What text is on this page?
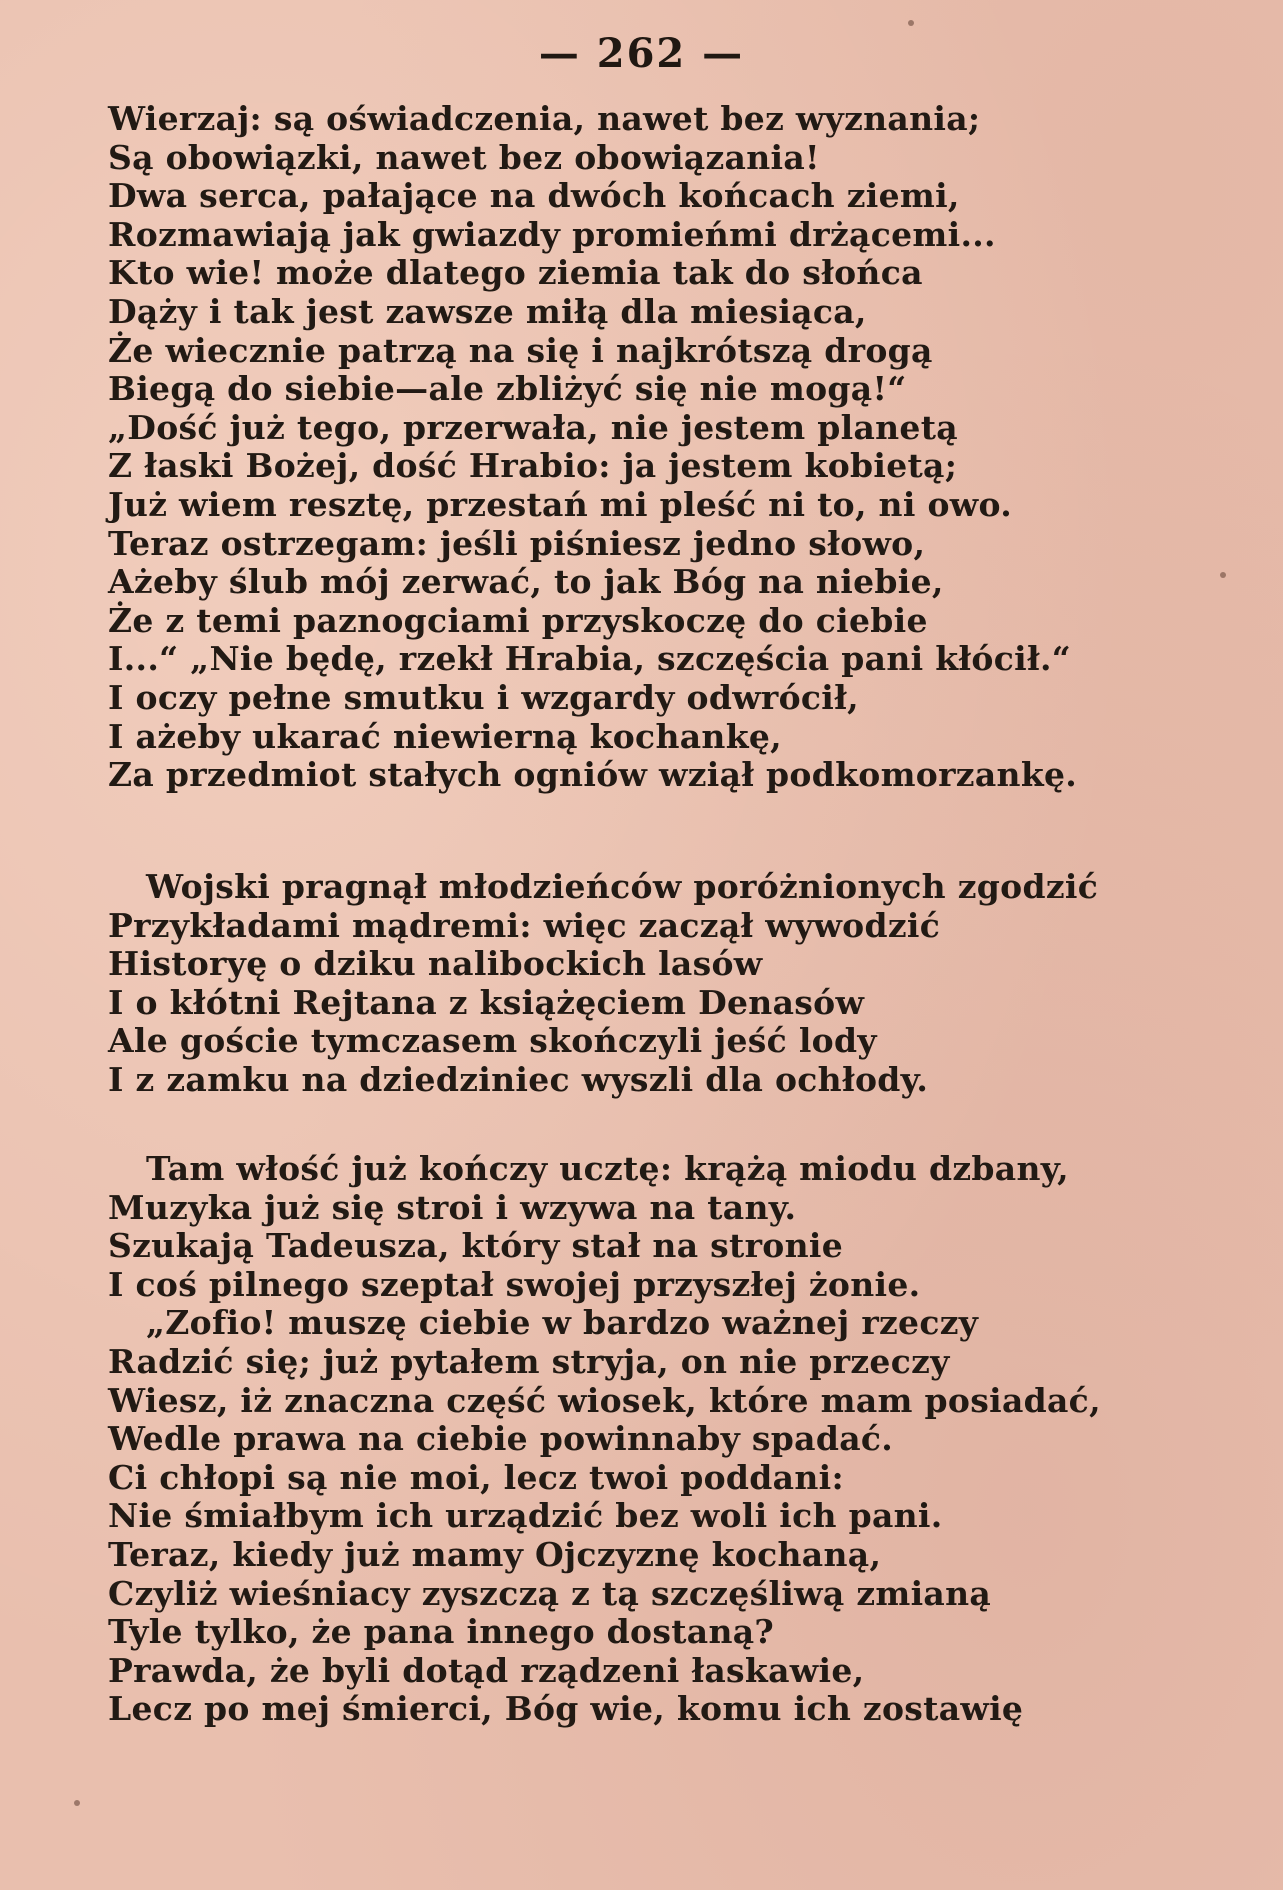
— 262 —
Wierzaj: są oświadczenia, nawet bez wyznania;
Są obowiązki, nawet bez obowiązania!
Dwa serca, pałające na dwóch końcach ziemi,
Rozmawiają jak gwiazdy promieńmi drżącemi...
Kto wie! może dlatego ziemia tak do słońca
Dąży i tak jest zawsze miłą dla miesiąca,
Że wiecznie patrzą na się i najkrótszą drogą
Biegą do siebie—ale zbliżyć się nie mogą!“
„Dość już tego, przerwała, nie jestem planetą
Z łaski Bożej, dość Hrabio: ja jestem kobietą;
Już wiem resztę, przestań mi pleść ni to, ni owo.
Teraz ostrzegam: jeśli piśniesz jedno słowo,
Ażeby ślub mój zerwać, to jak Bóg na niebie,
Że z temi paznogciami przyskoczę do ciebie
I...“ „Nie będę, rzekł Hrabia, szczęścia pani kłócił.“
I oczy pełne smutku i wzgardy odwrócił,
I ażeby ukarać niewierną kochankę,
Za przedmiot stałych ogniów wziął podkomorzankę.
Wojski pragnął młodzieńców poróżnionych zgodzić
Przykładami mądremi: więc zaczął wywodzić
Historyę o dziku nalibockich lasów
I o kłótni Rejtana z książęciem Denasów
Ale goście tymczasem skończyli jeść lody
I z zamku na dziedziniec wyszli dla ochłody.
Tam włość już kończy ucztę: krążą miodu dzbany,
Muzyka już się stroi i wzywa na tany.
Szukają Tadeusza, który stał na stronie
I coś pilnego szeptał swojej przyszłej żonie.
„Zofio! muszę ciebie w bardzo ważnej rzeczy
Radzić się; już pytałem stryja, on nie przeczy
Wiesz, iż znaczna część wiosek, które mam posiadać,
Wedle prawa na ciebie powinnaby spadać.
Ci chłopi są nie moi, lecz twoi poddani:
Nie śmiałbym ich urządzić bez woli ich pani.
Teraz, kiedy już mamy Ojczyznę kochaną,
Czyliż wieśniacy zyszczą z tą szczęśliwą zmianą
Tyle tylko, że pana innego dostaną?
Prawda, że byli dotąd rządzeni łaskawie,
Lecz po mej śmierci, Bóg wie, komu ich zostawię
